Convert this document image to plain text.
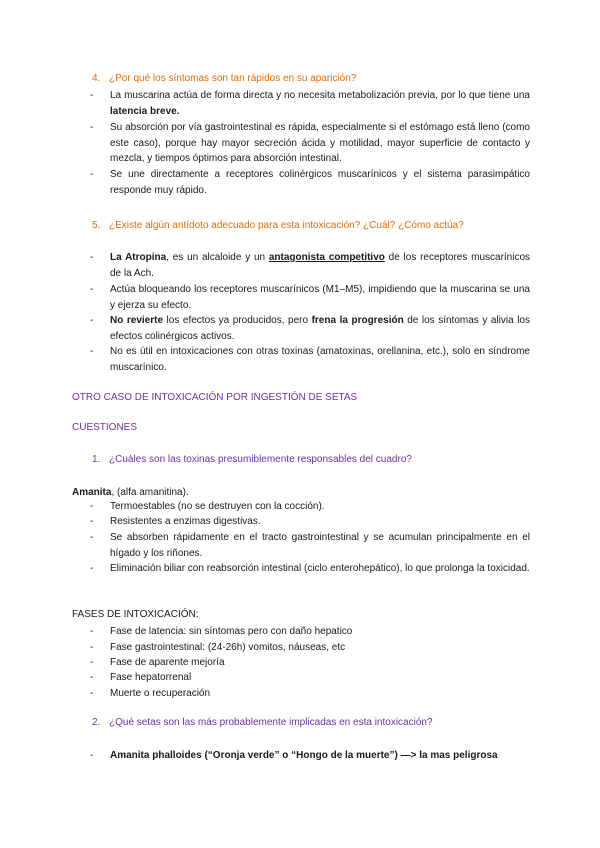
4. ¿Por qué los síntomas son tan rápidos en su aparición?
-	La muscarina actúa de forma directa y no necesita metabolización previa, por lo que tiene una latencia breve.
-	Su absorción por vía gastrointestinal es rápida, especialmente si el estómago está lleno (como este caso), porque hay mayor secreción ácida y motilidad, mayor superficie de contacto y mezcla, y tiempos óptimos para absorción intestinal.
-	Se une directamente a receptores colinérgicos muscarínicos y el sistema parasimpático responde muy rápido.
5. ¿Existe algún antídoto adecuado para esta intoxicación? ¿Cuál? ¿Cómo actúa?
-	La Atropina, es un alcaloide y un antagonista competitivo de los receptores muscarínicos de la Ach.
-	Actúa bloqueando los receptores muscarínicos (M1–M5), impidiendo que la muscarina se una y ejerza su efecto.
-	No revierte los efectos ya producidos, pero frena la progresión de los síntomas y alivia los efectos colinérgicos activos.
-	No es útil en intoxicaciones con otras toxinas (amatoxinas, orellanina, etc.), solo en síndrome muscarínico.
OTRO CASO DE INTOXICACIÓN POR INGESTIÓN DE SETAS
CUESTIONES
1. ¿Cuáles son las toxinas presumiblemente responsables del cuadro?
Amanita, (alfa amanitina).
-	Termoestables (no se destruyen con la cocción).
-	Resistentes a enzimas digestivas.
-	Se absorben rápidamente en el tracto gastrointestinal y se acumulan principalmente en el hígado y los riñones.
-	Eliminación biliar con reabsorción intestinal (ciclo enterohepático), lo que prolonga la toxicidad.
FASES DE INTOXICACIÓN:
-	Fase de latencia: sin síntomas pero con daño hepatico
-	Fase gastrointestinal: (24-26h) vomitos, náuseas, etc
-	Fase de aparente mejoría
-	Fase hepatorrenal
-	Muerte o recuperación
2. ¿Qué setas son las más probablemente implicadas en esta intoxicación?
-	Amanita phalloides (“Oronja verde” o “Hongo de la muerte”) —> la mas peligrosa
